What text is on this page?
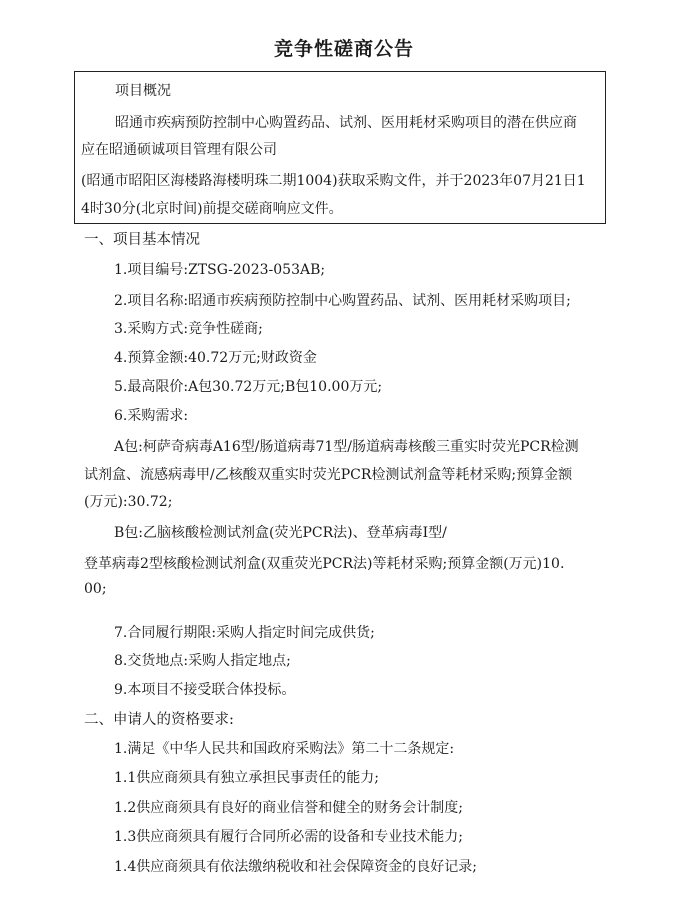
竞争性磋商公告
项目概况
昭通市疾病预防控制中心购置药品、试剂、医用耗材采购项目的潜在供应商
应在昭通硕诚项目管理有限公司
(昭通市昭阳区海楼路海楼明珠二期1004)获取采购文件，并于2023年07月21日1
4时30分(北京时间)前提交磋商响应文件。
一、项目基本情况
1.项目编号:ZTSG-2023-053AB;
2.项目名称:昭通市疾病预防控制中心购置药品、试剂、医用耗材采购项目;
3.采购方式:竞争性磋商;
4.预算金额:40.72万元;财政资金
5.最高限价:A包30.72万元;B包10.00万元;
6.采购需求:
A包:柯萨奇病毒A16型/肠道病毒71型/肠道病毒核酸三重实时荧光PCR检测
试剂盒、流感病毒甲/乙核酸双重实时荧光PCR检测试剂盒等耗材采购;预算金额
(万元):30.72;
B包:乙脑核酸检测试剂盒(荧光PCR法)、登革病毒I型/
登革病毒2型核酸检测试剂盒(双重荧光PCR法)等耗材采购;预算金额(万元)10.
00;
7.合同履行期限:采购人指定时间完成供货;
8.交货地点:采购人指定地点;
9.本项目不接受联合体投标。
二、申请人的资格要求:
1.满足《中华人民共和国政府采购法》第二十二条规定:
1.1供应商须具有独立承担民事责任的能力;
1.2供应商须具有良好的商业信誉和健全的财务会计制度;
1.3供应商须具有履行合同所必需的设备和专业技术能力;
1.4供应商须具有依法缴纳税收和社会保障资金的良好记录;
